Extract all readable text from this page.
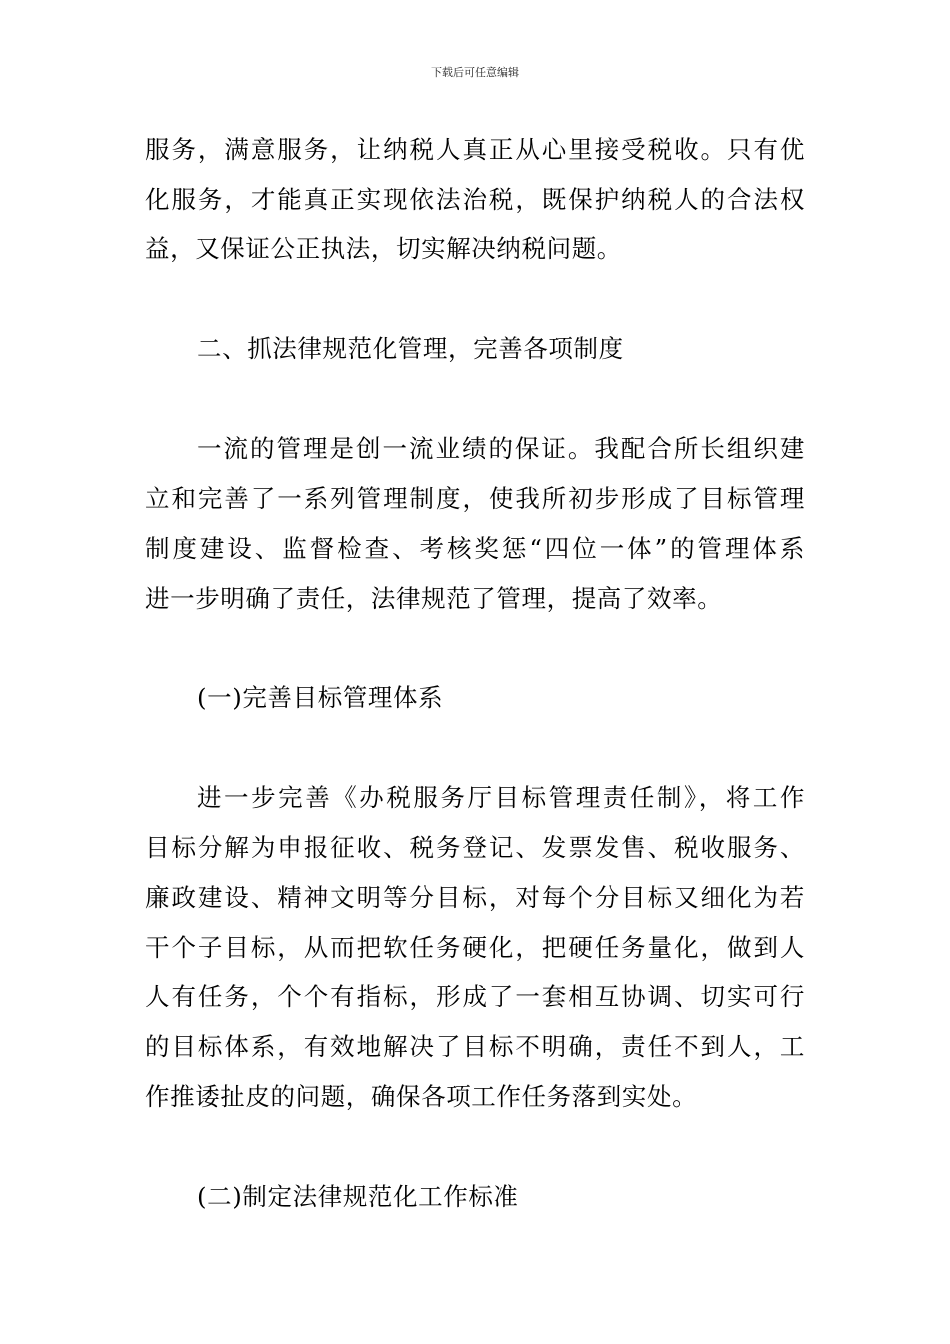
下载后可任意编辑
服务，满意服务，让纳税人真正从心里接受税收。只有优
化服务，才能真正实现依法治税，既保护纳税人的合法权
益，又保证公正执法，切实解决纳税问题。
二、抓法律规范化管理，完善各项制度
一流的管理是创一流业绩的保证。我配合所长组织建
立和完善了一系列管理制度，使我所初步形成了目标管理
制度建设、监督检查、考核奖惩“四位一体”的管理体系
进一步明确了责任，法律规范了管理，提高了效率。
(一)完善目标管理体系
进一步完善《办税服务厅目标管理责任制》，将工作
目标分解为申报征收、税务登记、发票发售、税收服务、
廉政建设、精神文明等分目标，对每个分目标又细化为若
干个子目标，从而把软任务硬化，把硬任务量化，做到人
人有任务，个个有指标，形成了一套相互协调、切实可行
的目标体系，有效地解决了目标不明确，责任不到人，工
作推诿扯皮的问题，确保各项工作任务落到实处。
(二)制定法律规范化工作标准
